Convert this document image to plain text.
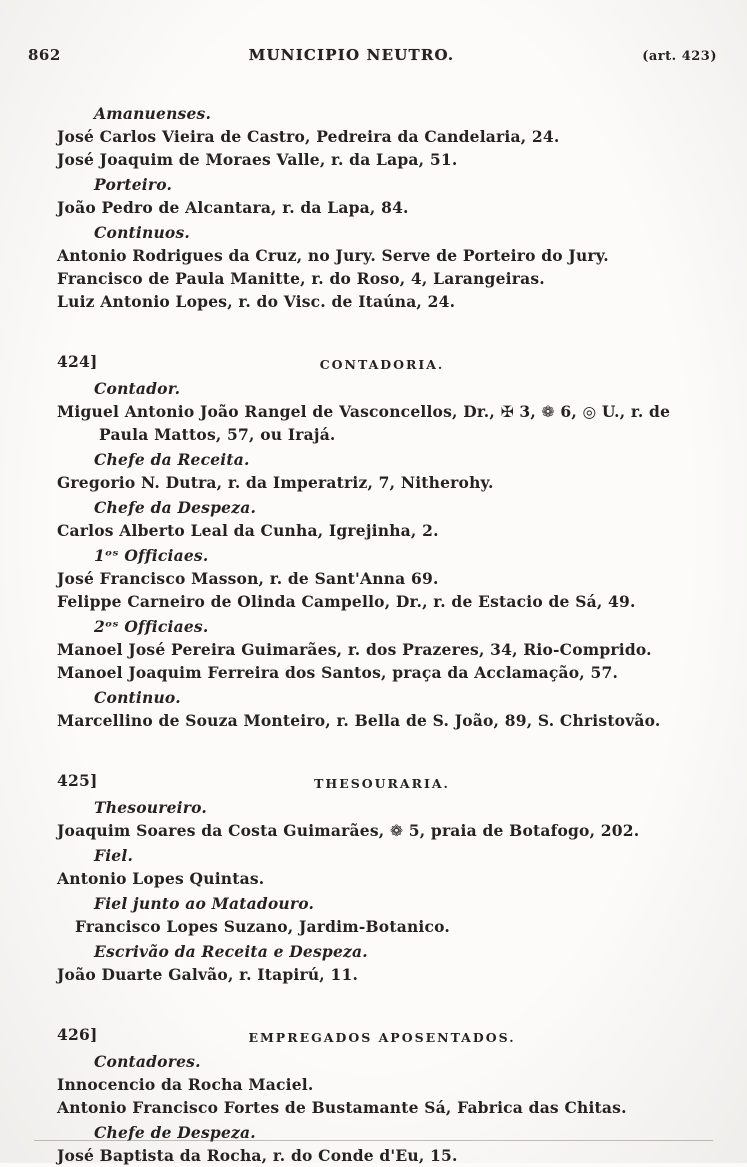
862	MUNICIPIO NEUTRO.	(art. 423)
Amanuenses.
José Carlos Vieira de Castro, Pedreira da Candelaria, 24.
José Joaquim de Moraes Valle, r. da Lapa, 51.
Porteiro.
João Pedro de Alcantara, r. da Lapa, 84.
Continuos.
Antonio Rodrigues da Cruz, no Jury. Serve de Porteiro do Jury.
Francisco de Paula Manitte, r. do Roso, 4, Larangeiras.
Luiz Antonio Lopes, r. do Visc. de Itaúna, 24.
424]	CONTADORIA.
Contador.
Miguel Antonio João Rangel de Vasconcellos, Dr., ✠ 3, ❁ 6, ◎ U., r. de
Paula Mattos, 57, ou Irajá.
Chefe da Receita.
Gregorio N. Dutra, r. da Imperatriz, 7, Nitherohy.
Chefe da Despeza.
Carlos Alberto Leal da Cunha, Igrejinha, 2.
1ᵒˢ Officiaes.
José Francisco Masson, r. de Sant'Anna 69.
Felippe Carneiro de Olinda Campello, Dr., r. de Estacio de Sá, 49.
2ᵒˢ Officiaes.
Manoel José Pereira Guimarães, r. dos Prazeres, 34, Rio-Comprido.
Manoel Joaquim Ferreira dos Santos, praça da Acclamação, 57.
Continuo.
Marcellino de Souza Monteiro, r. Bella de S. João, 89, S. Christovão.
425]	THESOURARIA.
Thesoureiro.
Joaquim Soares da Costa Guimarães, ❁ 5, praia de Botafogo, 202.
Fiel.
Antonio Lopes Quintas.
Fiel junto ao Matadouro.
Francisco Lopes Suzano, Jardim-Botanico.
Escrivão da Receita e Despeza.
João Duarte Galvão, r. Itapirú, 11.
426]	EMPREGADOS APOSENTADOS.
Contadores.
Innocencio da Rocha Maciel.
Antonio Francisco Fortes de Bustamante Sá, Fabrica das Chitas.
Chefe de Despeza.
José Baptista da Rocha, r. do Conde d'Eu, 15.
